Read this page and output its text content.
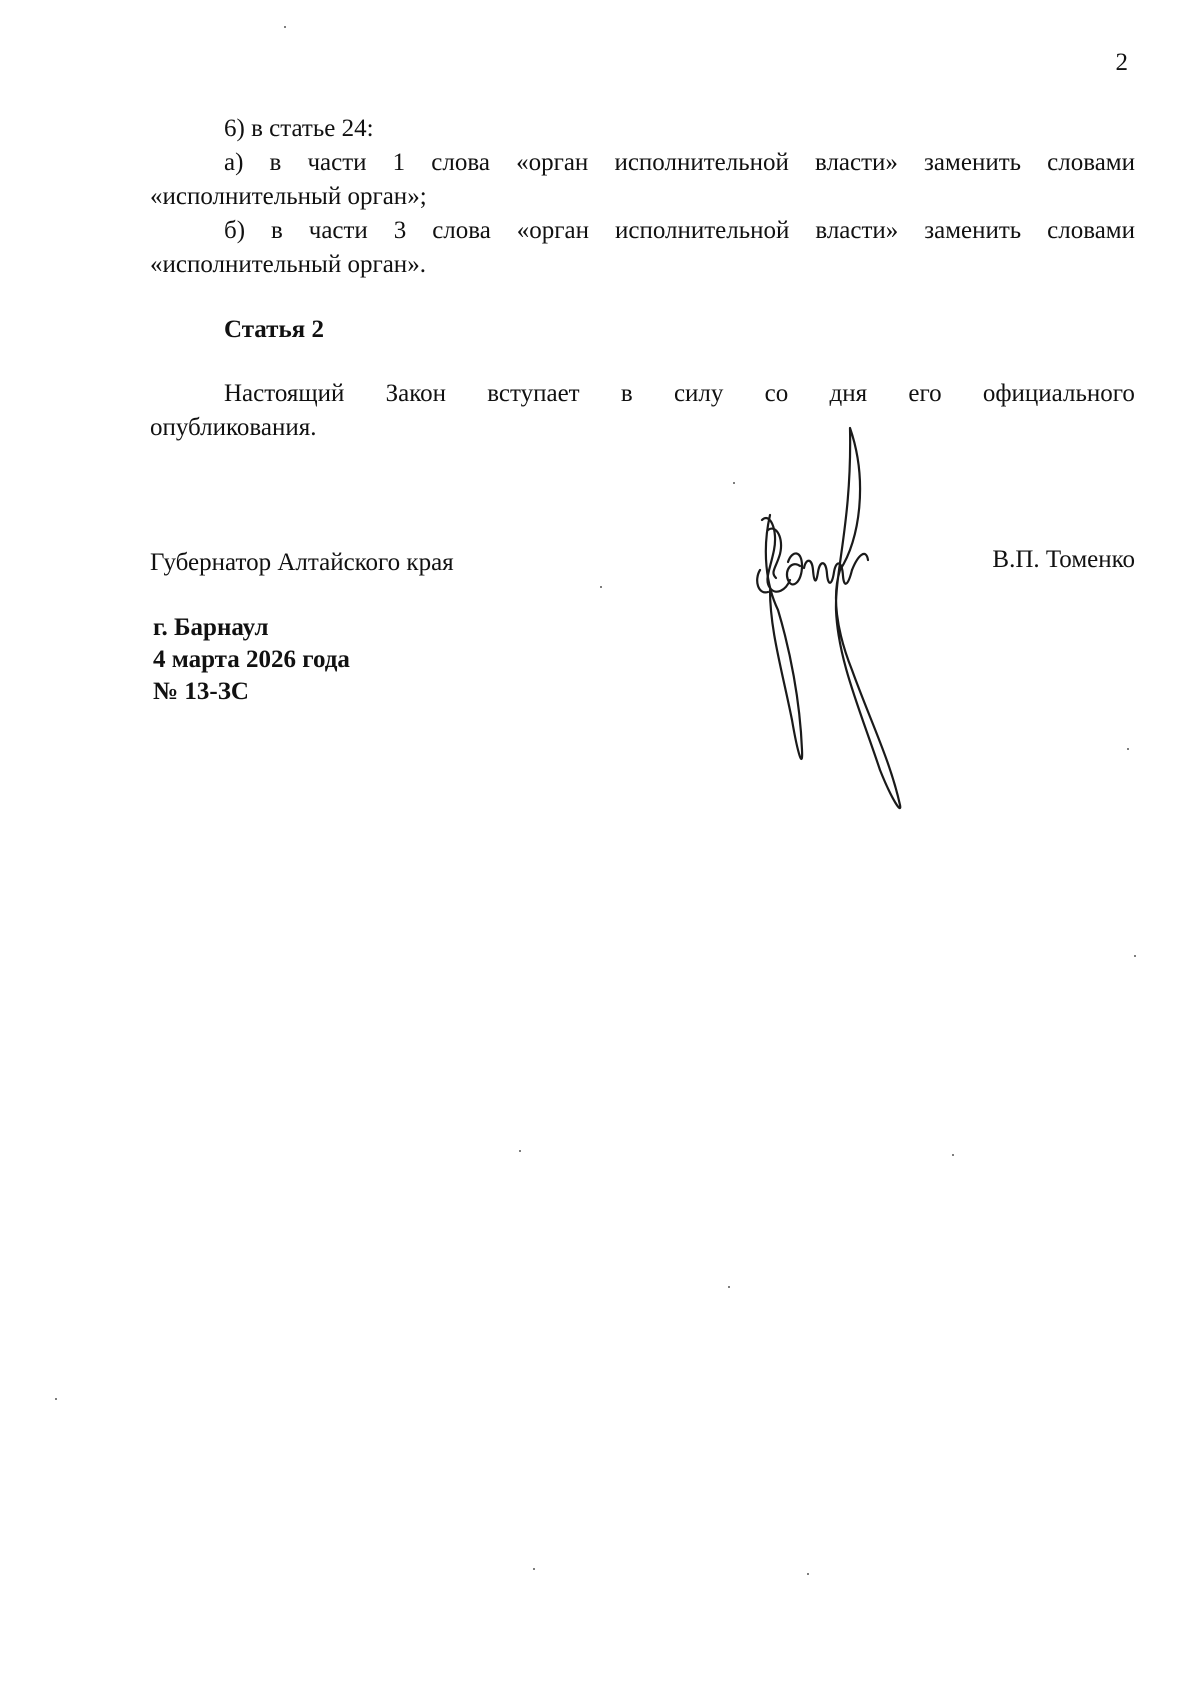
2
6) в статье 24:
а) в части 1 слова «орган исполнительной власти» заменить словами
«исполнительный орган»;
б) в части 3 слова «орган исполнительной власти» заменить словами
«исполнительный орган».
Статья 2
Настоящий Закон вступает в силу со дня его официального
опубликования.
Губернатор Алтайского края	В.П. Томенко
г. Барнаул
4 марта 2026 года
№ 13-ЗС
